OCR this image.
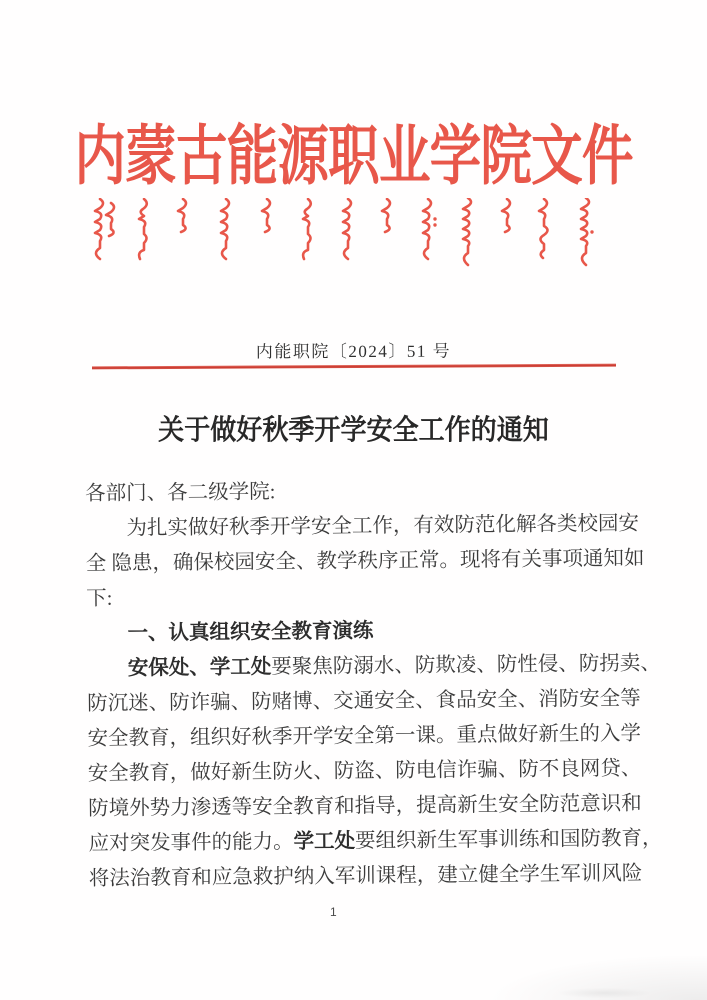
内蒙古能源职业学院文件
内能职院〔2024〕51 号
关于做好秋季开学安全工作的通知
各部门、各二级学院:
　　为扎实做好秋季开学安全工作，有效防范化解各类校园安
全 隐患，确保校园安全、教学秩序正常。现将有关事项通知如
下:
　　一、认真组织安全教育演练
　　安保处、学工处要聚焦防溺水、防欺凌、防性侵、防拐卖、
防沉迷、防诈骗、防赌博、交通安全、食品安全、消防安全等
安全教育，组织好秋季开学安全第一课。重点做好新生的入学
安全教育，做好新生防火、防盗、防电信诈骗、防不良网贷、
防境外势力渗透等安全教育和指导，提高新生安全防范意识和
应对突发事件的能力。学工处要组织新生军事训练和国防教育，
将法治教育和应急救护纳入军训课程，建立健全学生军训风险
1
